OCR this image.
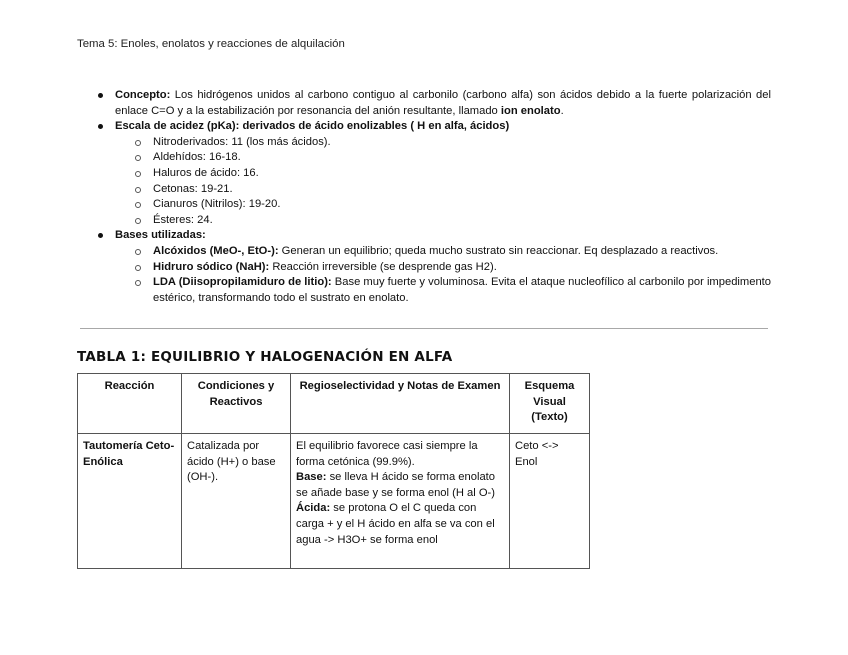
Tema 5: Enoles, enolatos y reacciones de alquilación
Concepto: Los hidrógenos unidos al carbono contiguo al carbonilo (carbono alfa) son ácidos debido a la fuerte polarización del enlace C=O y a la estabilización por resonancia del anión resultante, llamado ion enolato.
Escala de acidez (pKa): derivados de ácido enolizables ( H en alfa, ácidos)
Nitroderivados: 11 (los más ácidos).
Aldehídos: 16-18.
Haluros de ácido: 16.
Cetonas: 19-21.
Cianuros (Nitrilos): 19-20.
Ésteres: 24.
Bases utilizadas:
Alcóxidos (MeO-, EtO-): Generan un equilibrio; queda mucho sustrato sin reaccionar. Eq desplazado a reactivos.
Hidruro sódico (NaH): Reacción irreversible (se desprende gas H2).
LDA (Diisopropilamiduro de litio): Base muy fuerte y voluminosa. Evita el ataque nucleofílico al carbonilo por impedimento estérico, transformando todo el sustrato en enolato.
TABLA 1: EQUILIBRIO Y HALOGENACIÓN EN ALFA
Reacción	Condiciones y Reactivos	Regioselectividad y Notas de Examen	Esquema Visual (Texto)
Tautomería Ceto-Enólica	Catalizada por ácido (H+) o base (OH-).	El equilibrio favorece casi siempre la forma cetónica (99.9%).
Base: se lleva H ácido se forma enolato se añade base y se forma enol (H al O-)
Ácida: se protona O el C queda con carga + y el H ácido en alfa se va con el agua -> H3O+ se forma enol	Ceto <-> Enol
